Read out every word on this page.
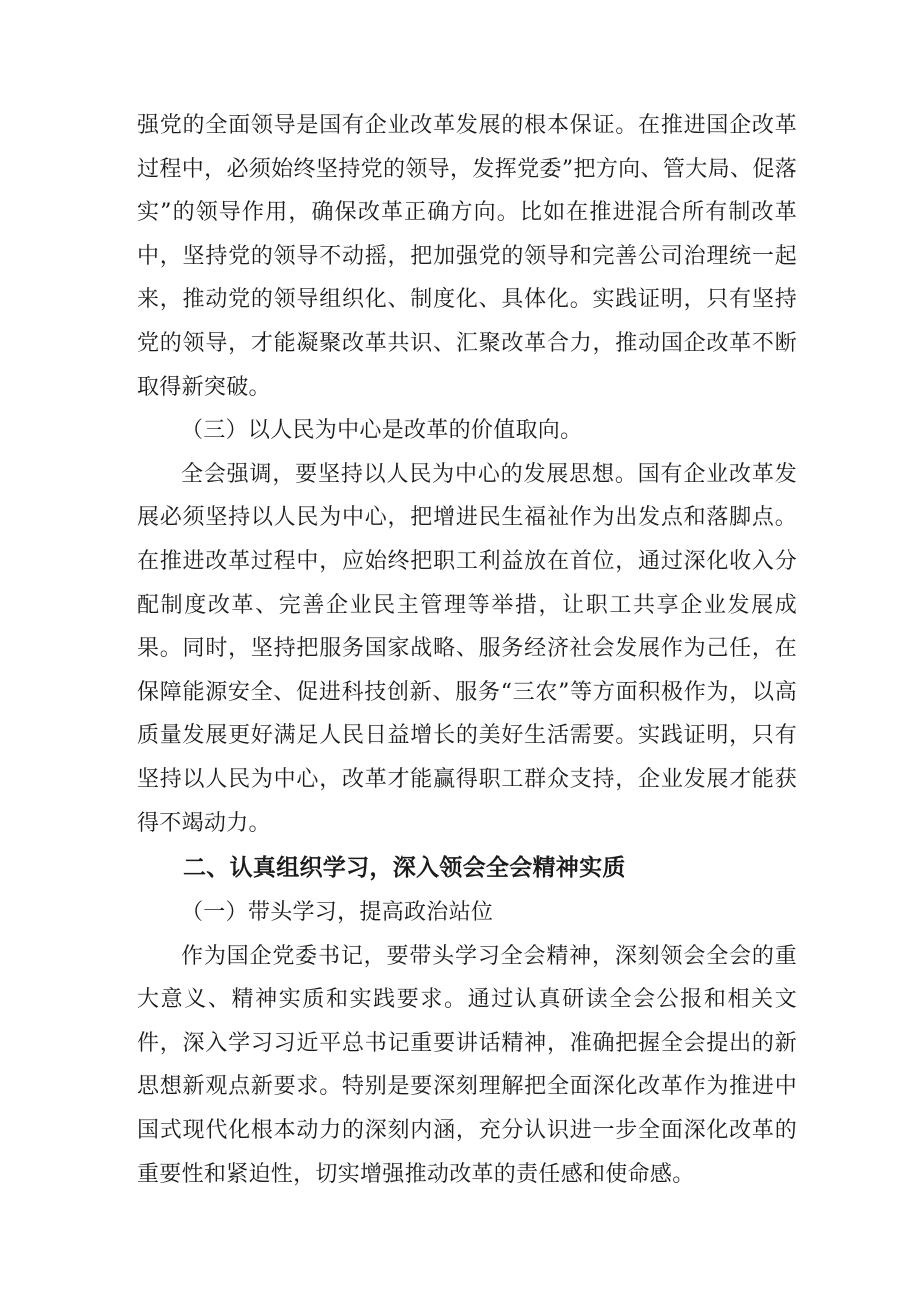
强党的全面领导是国有企业改革发展的根本保证。在推进国企改革过程中，必须始终坚持党的领导，发挥党委”把方向、管大局、促落实”的领导作用，确保改革正确方向。比如在推进混合所有制改革中，坚持党的领导不动摇，把加强党的领导和完善公司治理统一起来，推动党的领导组织化、制度化、具体化。实践证明，只有坚持党的领导，才能凝聚改革共识、汇聚改革合力，推动国企改革不断取得新突破。

（三）以人民为中心是改革的价值取向。

全会强调，要坚持以人民为中心的发展思想。国有企业改革发展必须坚持以人民为中心，把增进民生福祉作为出发点和落脚点。在推进改革过程中，应始终把职工利益放在首位，通过深化收入分配制度改革、完善企业民主管理等举措，让职工共享企业发展成果。同时，坚持把服务国家战略、服务经济社会发展作为己任，在保障能源安全、促进科技创新、服务“三农”等方面积极作为，以高质量发展更好满足人民日益增长的美好生活需要。实践证明，只有坚持以人民为中心，改革才能赢得职工群众支持，企业发展才能获得不竭动力。

二、认真组织学习，深入领会全会精神实质

（一）带头学习，提高政治站位

作为国企党委书记，要带头学习全会精神，深刻领会全会的重大意义、精神实质和实践要求。通过认真研读全会公报和相关文件，深入学习习近平总书记重要讲话精神，准确把握全会提出的新思想新观点新要求。特别是要深刻理解把全面深化改革作为推进中国式现代化根本动力的深刻内涵，充分认识进一步全面深化改革的重要性和紧迫性，切实增强推动改革的责任感和使命感。
